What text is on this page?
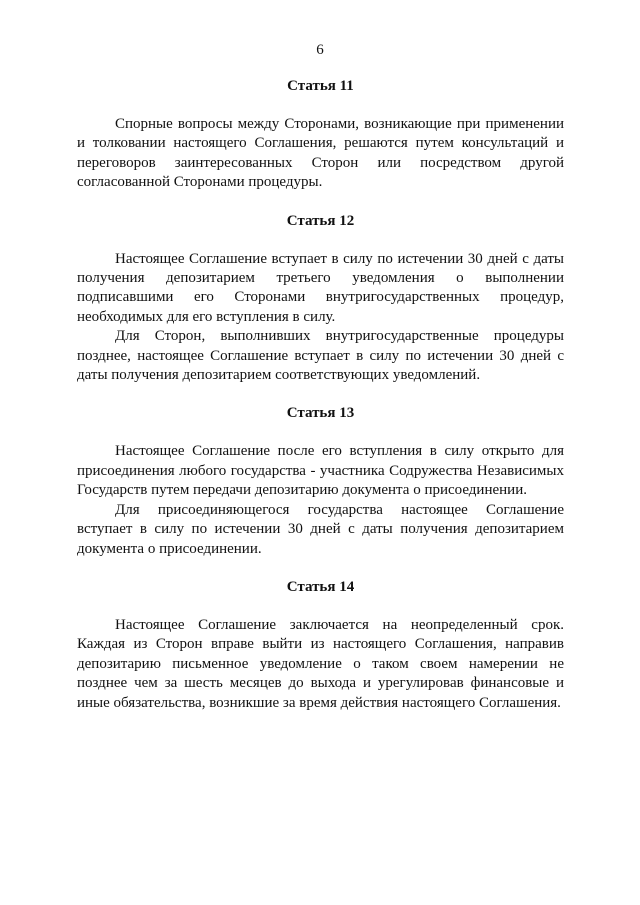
6
Статья 11

Спорные вопросы между Сторонами, возникающие при применении и толковании настоящего Соглашения, решаются путем консультаций и переговоров заинтересованных Сторон или посредством другой согласованной Сторонами процедуры.

Статья 12

Настоящее Соглашение вступает в силу по истечении 30 дней с даты получения депозитарием третьего уведомления о выполнении подписавшими его Сторонами внутригосударственных процедур, необходимых для его вступления в силу.

Для Сторон, выполнивших внутригосударственные процедуры позднее, настоящее Соглашение вступает в силу по истечении 30 дней с даты получения депозитарием соответствующих уведомлений.

Статья 13

Настоящее Соглашение после его вступления в силу открыто для присоединения любого государства - участника Содружества Независимых Государств путем передачи депозитарию документа о присоединении.

Для присоединяющегося государства настоящее Соглашение вступает в силу по истечении 30 дней с даты получения депозитарием документа о присоединении.

Статья 14

Настоящее Соглашение заключается на неопределенный срок. Каждая из Сторон вправе выйти из настоящего Соглашения, направив депозитарию письменное уведомление о таком своем намерении не позднее чем за шесть месяцев до выхода и урегулировав финансовые и иные обязательства, возникшие за время действия настоящего Соглашения.
